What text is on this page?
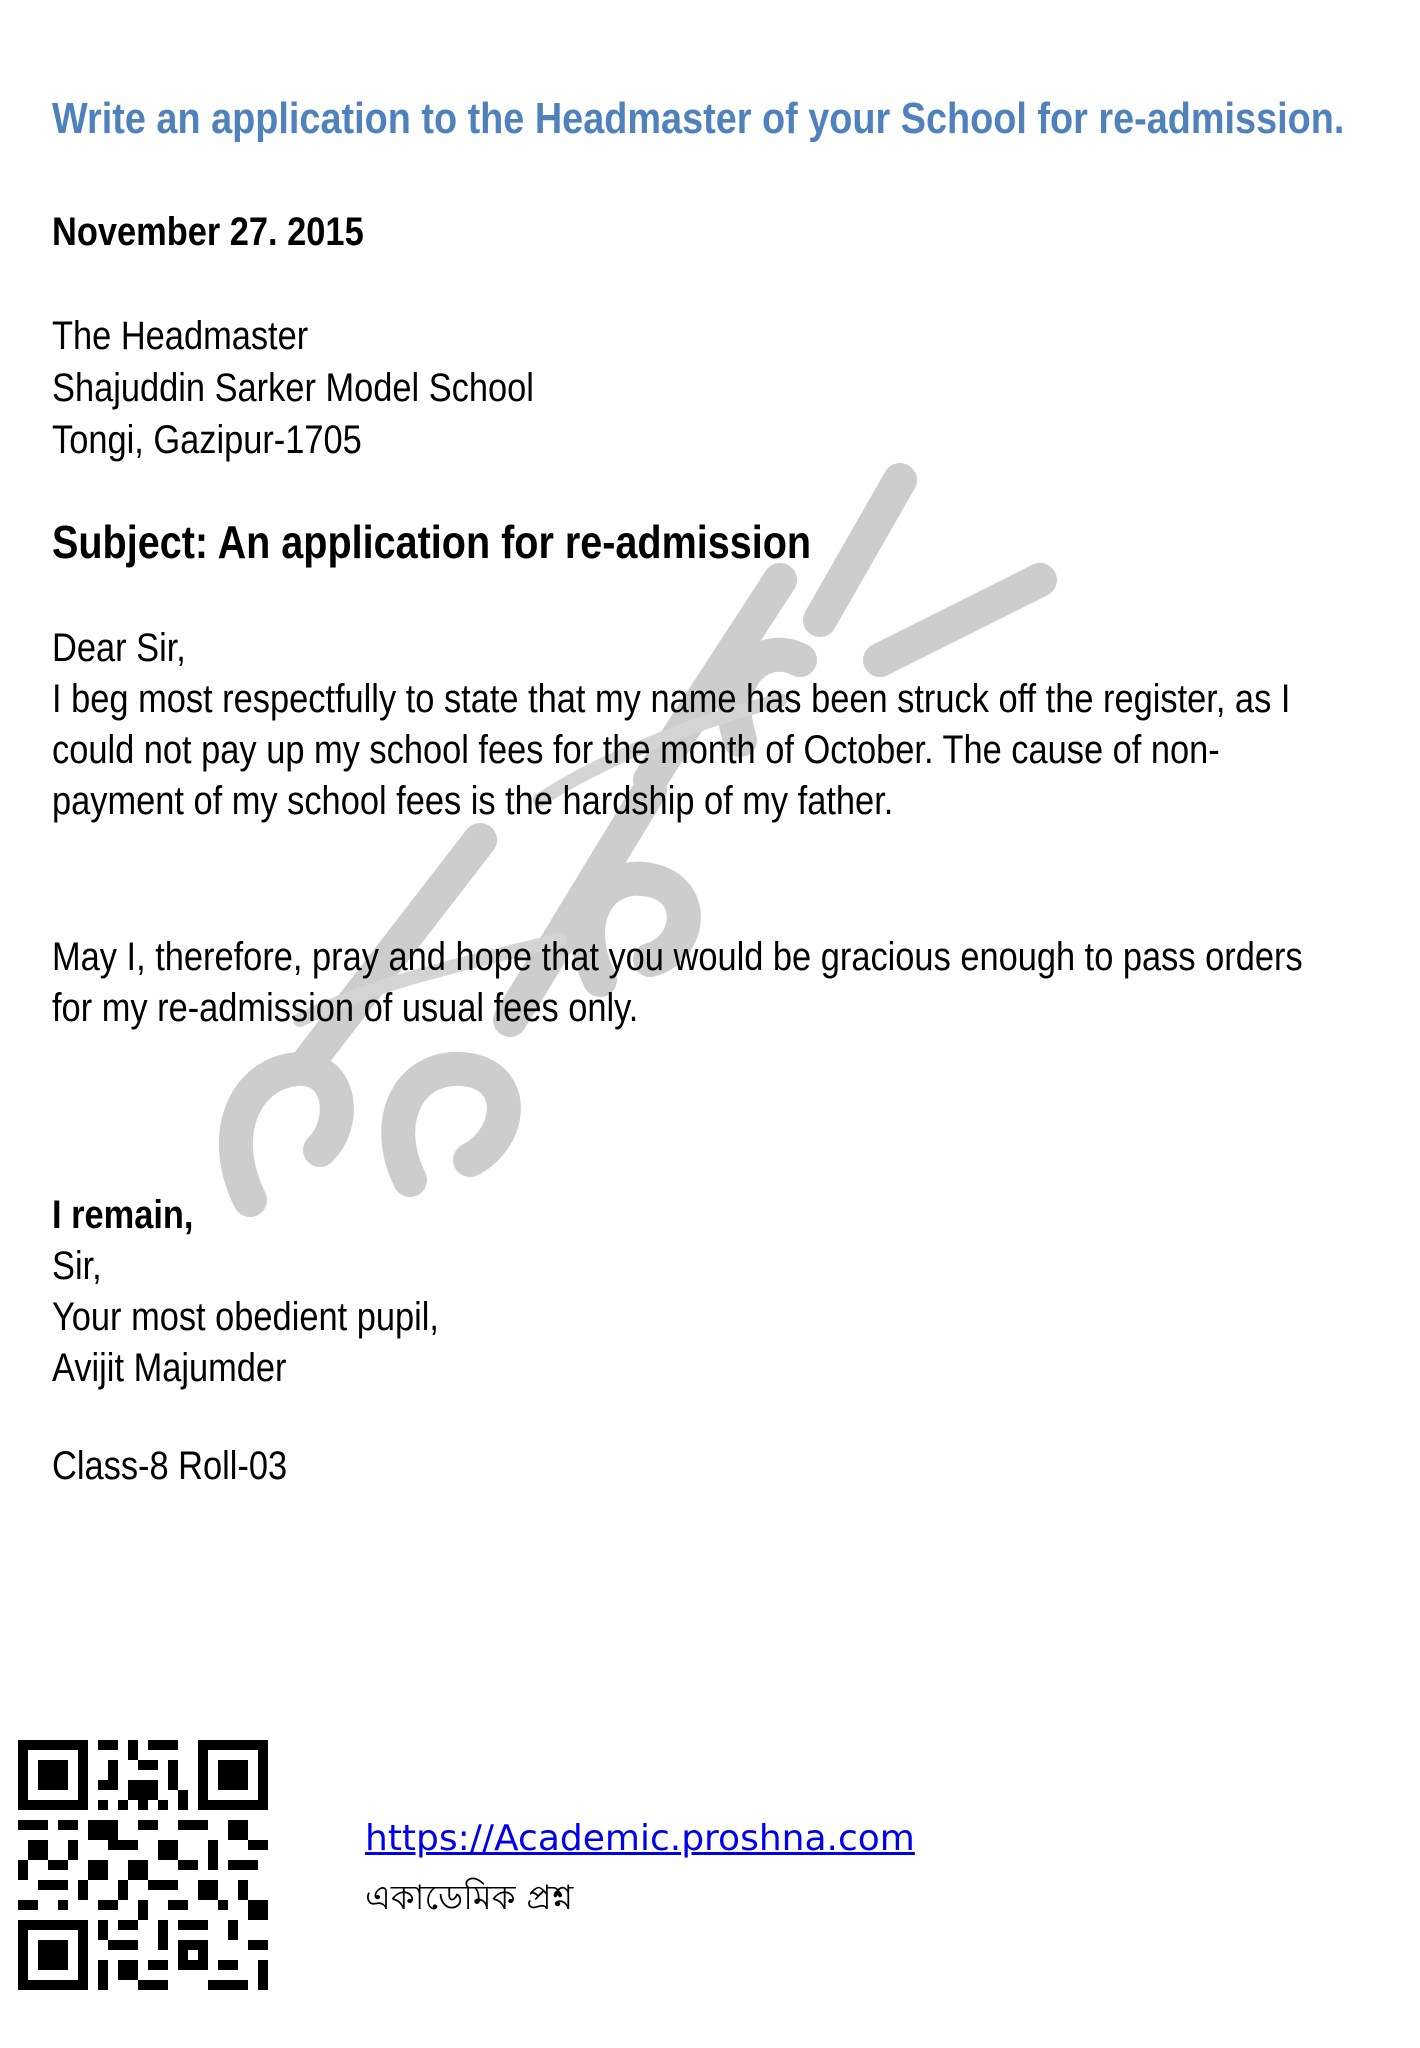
Write an application to the Headmaster of your School for re-admission.
November 27. 2015
The Headmaster
Shajuddin Sarker Model School
Tongi, Gazipur-1705
Subject: An application for re-admission
Dear Sir,
I beg most respectfully to state that my name has been struck off the register, as I
could not pay up my school fees for the month of October. The cause of non-
payment of my school fees is the hardship of my father.
May I, therefore, pray and hope that you would be gracious enough to pass orders
for my re-admission of usual fees only.
I remain,
Sir,
Your most obedient pupil,
Avijit Majumder
Class-8 Roll-03
https://Academic.proshna.com
একাডেমিক প্রশ্ন
